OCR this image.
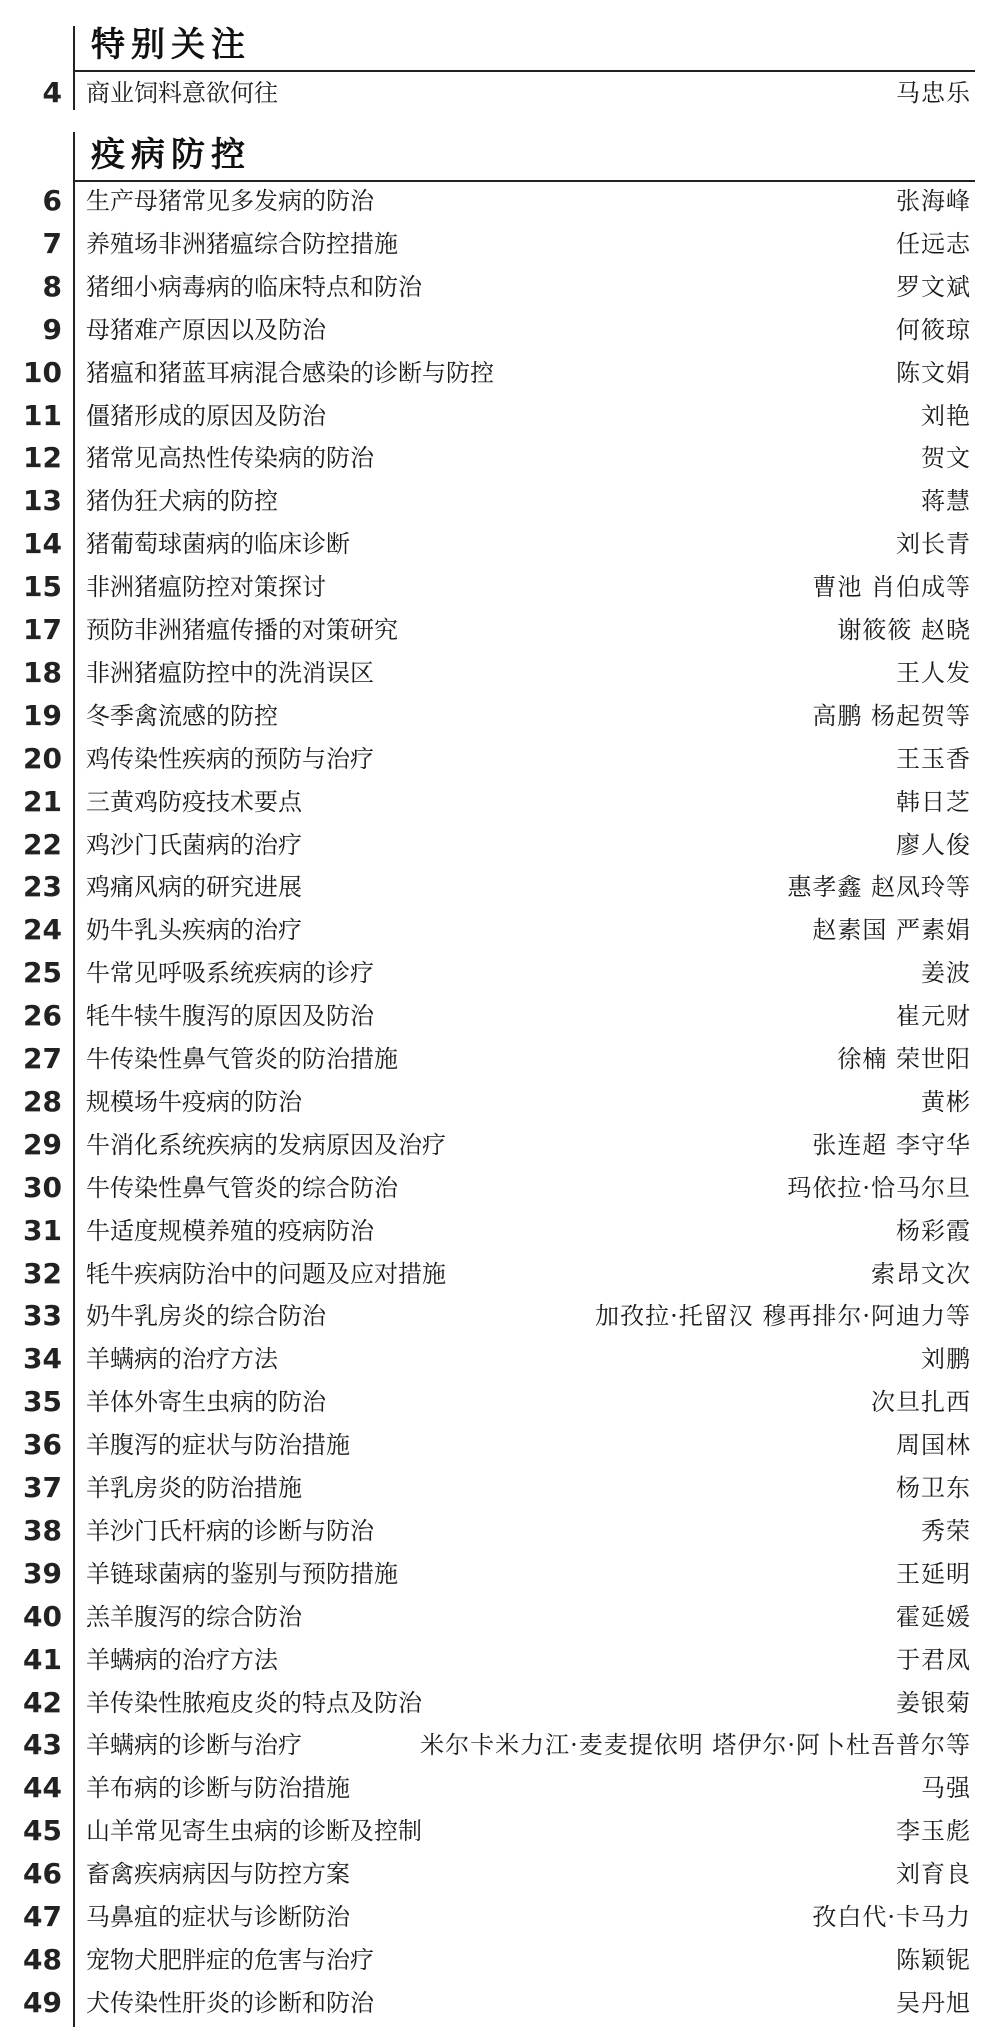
特别关注
4 商业饲料意欲何往	马忠乐
疫病防控
6 生产母猪常见多发病的防治	张海峰
7 养殖场非洲猪瘟综合防控措施	任远志
8 猪细小病毒病的临床特点和防治	罗文斌
9 母猪难产原因以及防治	何筱琼
10 猪瘟和猪蓝耳病混合感染的诊断与防控	陈文娟
11 僵猪形成的原因及防治	刘艳
12 猪常见高热性传染病的防治	贺文
13 猪伪狂犬病的防控	蒋慧
14 猪葡萄球菌病的临床诊断	刘长青
15 非洲猪瘟防控对策探讨	曹池 肖伯成等
17 预防非洲猪瘟传播的对策研究	谢筱筱 赵晓
18 非洲猪瘟防控中的洗消误区	王人发
19 冬季禽流感的防控	高鹏 杨起贺等
20 鸡传染性疾病的预防与治疗	王玉香
21 三黄鸡防疫技术要点	韩日芝
22 鸡沙门氏菌病的治疗	廖人俊
23 鸡痛风病的研究进展	惠孝鑫 赵凤玲等
24 奶牛乳头疾病的治疗	赵素国 严素娟
25 牛常见呼吸系统疾病的诊疗	姜波
26 牦牛犊牛腹泻的原因及防治	崔元财
27 牛传染性鼻气管炎的防治措施	徐楠 荣世阳
28 规模场牛疫病的防治	黄彬
29 牛消化系统疾病的发病原因及治疗	张连超 李守华
30 牛传染性鼻气管炎的综合防治	玛依拉·恰马尔旦
31 牛适度规模养殖的疫病防治	杨彩霞
32 牦牛疾病防治中的问题及应对措施	索昂文次
33 奶牛乳房炎的综合防治	加孜拉·托留汉 穆再排尔·阿迪力等
34 羊螨病的治疗方法	刘鹏
35 羊体外寄生虫病的防治	次旦扎西
36 羊腹泻的症状与防治措施	周国林
37 羊乳房炎的防治措施	杨卫东
38 羊沙门氏杆病的诊断与防治	秀荣
39 羊链球菌病的鉴别与预防措施	王延明
40 羔羊腹泻的综合防治	霍延媛
41 羊螨病的治疗方法	于君凤
42 羊传染性脓疱皮炎的特点及防治	姜银菊
43 羊螨病的诊断与治疗	米尔卡米力江·麦麦提依明 塔伊尔·阿卜杜吾普尔等
44 羊布病的诊断与防治措施	马强
45 山羊常见寄生虫病的诊断及控制	李玉彪
46 畜禽疾病病因与防控方案	刘育良
47 马鼻疽的症状与诊断防治	孜白代·卡马力
48 宠物犬肥胖症的危害与治疗	陈颖铌
49 犬传染性肝炎的诊断和防治	吴丹旭
